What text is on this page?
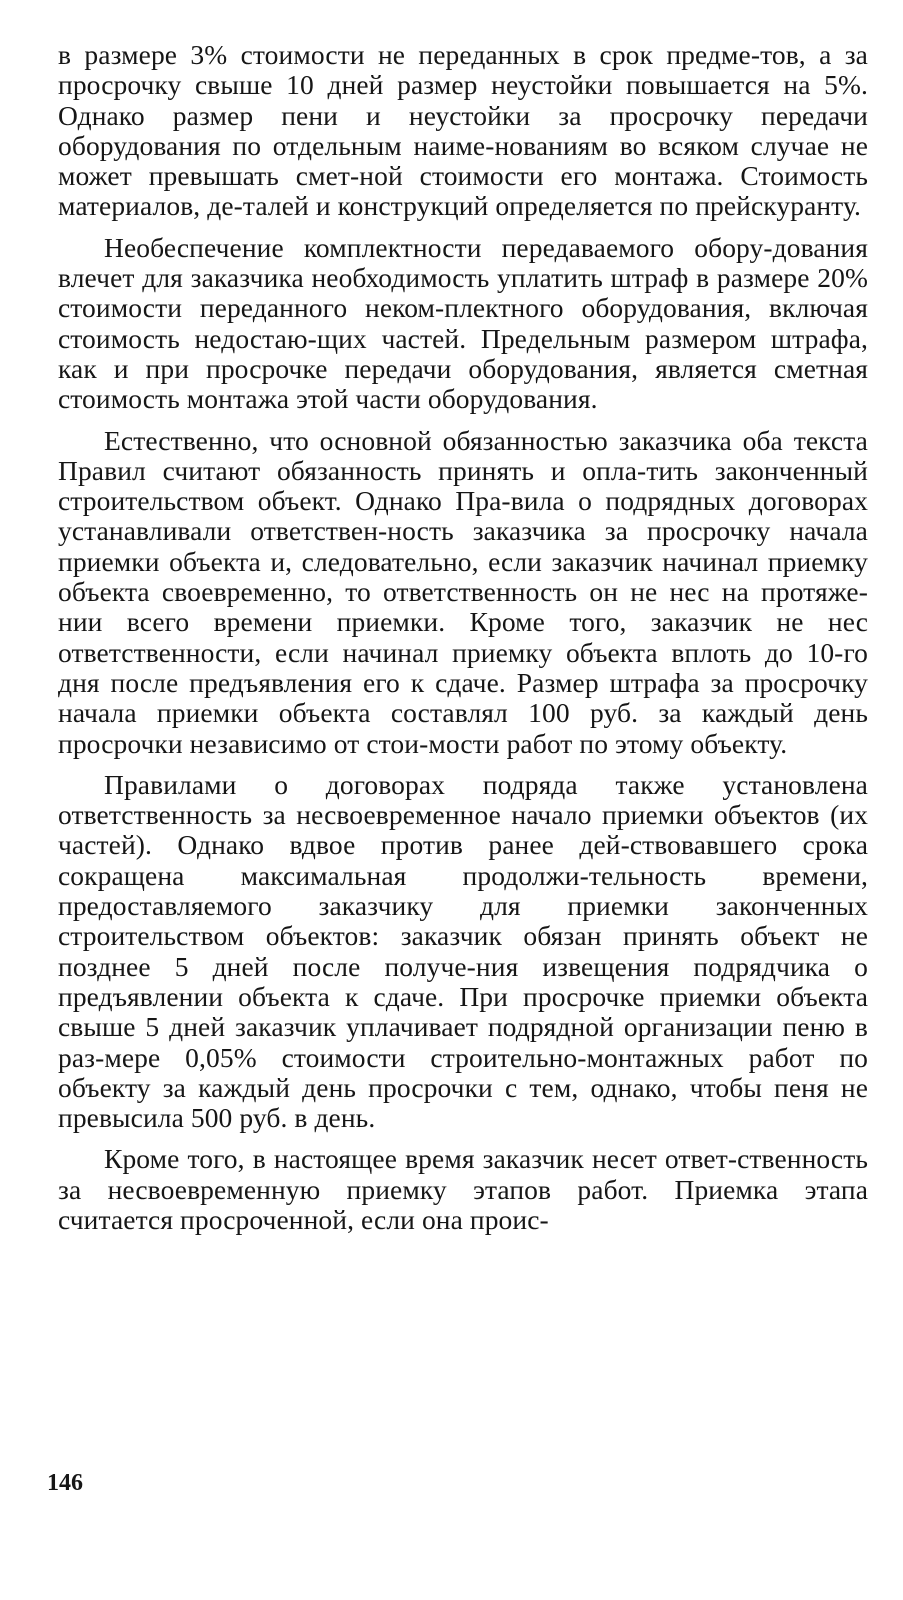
в размере 3% стоимости не переданных в срок предме-​тов, а за просрочку свыше 10 дней размер неустойки повышается на 5%. Однако размер пени и неустойки за просрочку передачи оборудования по отдельным наиме-​нованиям во всяком случае не может превышать смет-​ной стоимости его монтажа. Стоимость материалов, де-​талей и конструкций определяется по прейскуранту.

Необеспечение комплектности передаваемого обору-​дования влечет для заказчика необходимость уплатить штраф в размере 20% стоимости переданного неком-​плектного оборудования, включая стоимость недостаю-​щих частей. Предельным размером штрафа, как и при просрочке передачи оборудования, является сметная стоимость монтажа этой части оборудования.

Естественно, что основной обязанностью заказчика оба текста Правил считают обязанность принять и опла-​тить законченный строительством объект. Однако Пра-​вила о подрядных договорах устанавливали ответствен-​ность заказчика за просрочку начала приемки объекта и, следовательно, если заказчик начинал приемку объекта своевременно, то ответственность он не нес на протяже-​нии всего времени приемки. Кроме того, заказчик не нес ответственности, если начинал приемку объекта вплоть до 10-го дня после предъявления его к сдаче. Размер штрафа за просрочку начала приемки объекта составлял 100 руб. за каждый день просрочки независимо от стои-​мости работ по этому объекту.

Правилами о договорах подряда также установлена ответственность за несвоевременное начало приемки объектов (их частей). Однако вдвое против ранее дей-​ствовавшего срока сокращена максимальная продолжи-​тельность времени, предоставляемого заказчику для приемки законченных строительством объектов: заказчик обязан принять объект не позднее 5 дней после получе-​ния извещения подрядчика о предъявлении объекта к сдаче. При просрочке приемки объекта свыше 5 дней заказчик уплачивает подрядной организации пеню в раз-​мере 0,05% стоимости строительно-монтажных работ по объекту за каждый день просрочки с тем, однако, чтобы пеня не превысила 500 руб. в день.

Кроме того, в настоящее время заказчик несет ответ-​ственность за несвоевременную приемку этапов работ. Приемка этапа считается просроченной, если она проис-

146
